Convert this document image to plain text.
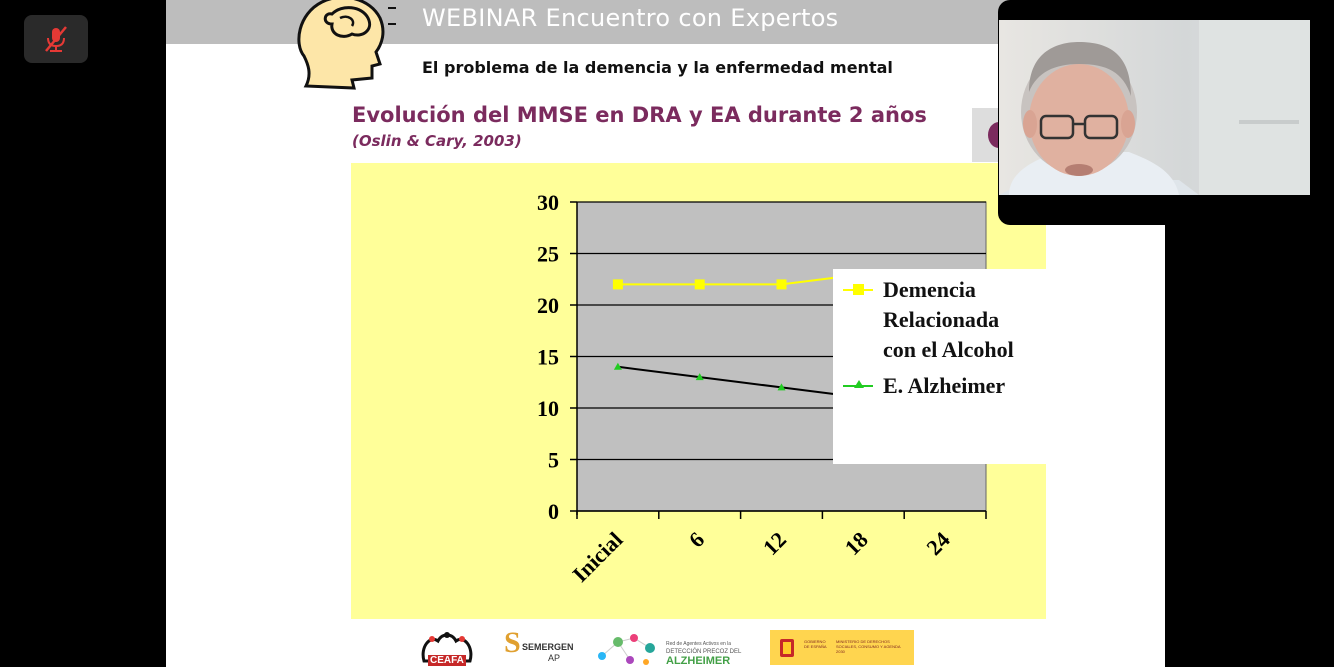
WEBINAR Encuentro con Expertos
El problema de la demencia y la enfermedad mental
Evolución del MMSE en DRA y EA durante 2 años
(Oslin & Cary, 2003)
0
5
10
15
20
25
30
Inicial	6 12 18 24
Demencia
Relacionada
con el Alcohol
E. Alzheimer
CEAFA
S SEMERGEN
AP
Red de Agentes Activos en la
DETECCIÓN PRECOZ DEL
ALZHEIMER
GOBIERNO DE ESPAÑA
MINISTERIO DE DERECHOS SOCIALES, CONSUMO Y AGENDA 2030
